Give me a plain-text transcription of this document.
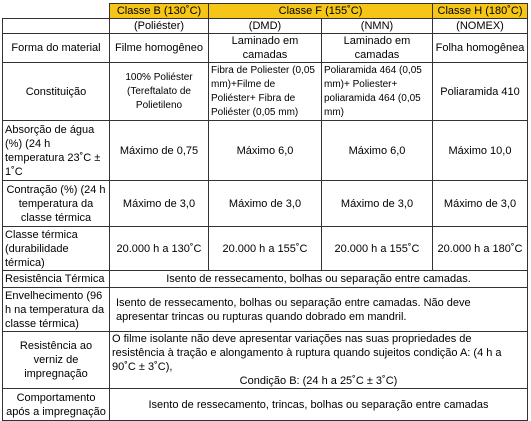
	Classe B (130˚C)	Classe F (155˚C)		Classe H (180˚C)
	(Poliéster)	(DMD)	(NMN)	(NOMEX)
Forma do material	Filme homogêneo	Laminado em camadas	Laminado em camadas	Folha homogênea
Constituição	100% Poliéster (Tereftalato de Polietileno	Fibra de Poliester (0,05 mm)+Filme de Poliéster+ Fibra de Poliéster (0,05 mm)	Poliaramida 464 (0,05 mm)+ Poliester+ poliaramida 464 (0,05 mm)	Poliaramida 410
Absorção de água (%) (24 h temperatura 23˚C ± 1˚C	Máximo de 0,75	Máximo 6,0	Máximo 6,0	Máximo 10,0
Contração (%) (24 h temperatura da classe térmica	Máximo de 3,0	Máximo de 3,0	Máximo de 3,0	Máximo de 3,0
Classe térmica (durabilidade térmica)	20.000 h a 130˚C	20.000 h a 155˚C	20.000 h a 155˚C	20.000 h a 180˚C
Resistência Térmica	Isento de ressecamento, bolhas ou separação entre camadas.			
Envelhecimento (96 h na temperatura da classe térmica)	Isento de ressecamento, bolhas ou separação entre camadas. Não deve apresentar trincas ou rupturas quando dobrado em mandril.			
Resistência ao verniz de impregnação	O filme isolante não deve apresentar variações nas suas propriedades de resistência à tração e alongamento à ruptura quando sujeitos condição A: (4 h a 90˚C ± 3˚C),
Condição B: (24 h a 25˚C ± 3˚C)			

Comportamento após a impregnação	Isento de ressecamento, trincas, bolhas ou separação entre camadas			
